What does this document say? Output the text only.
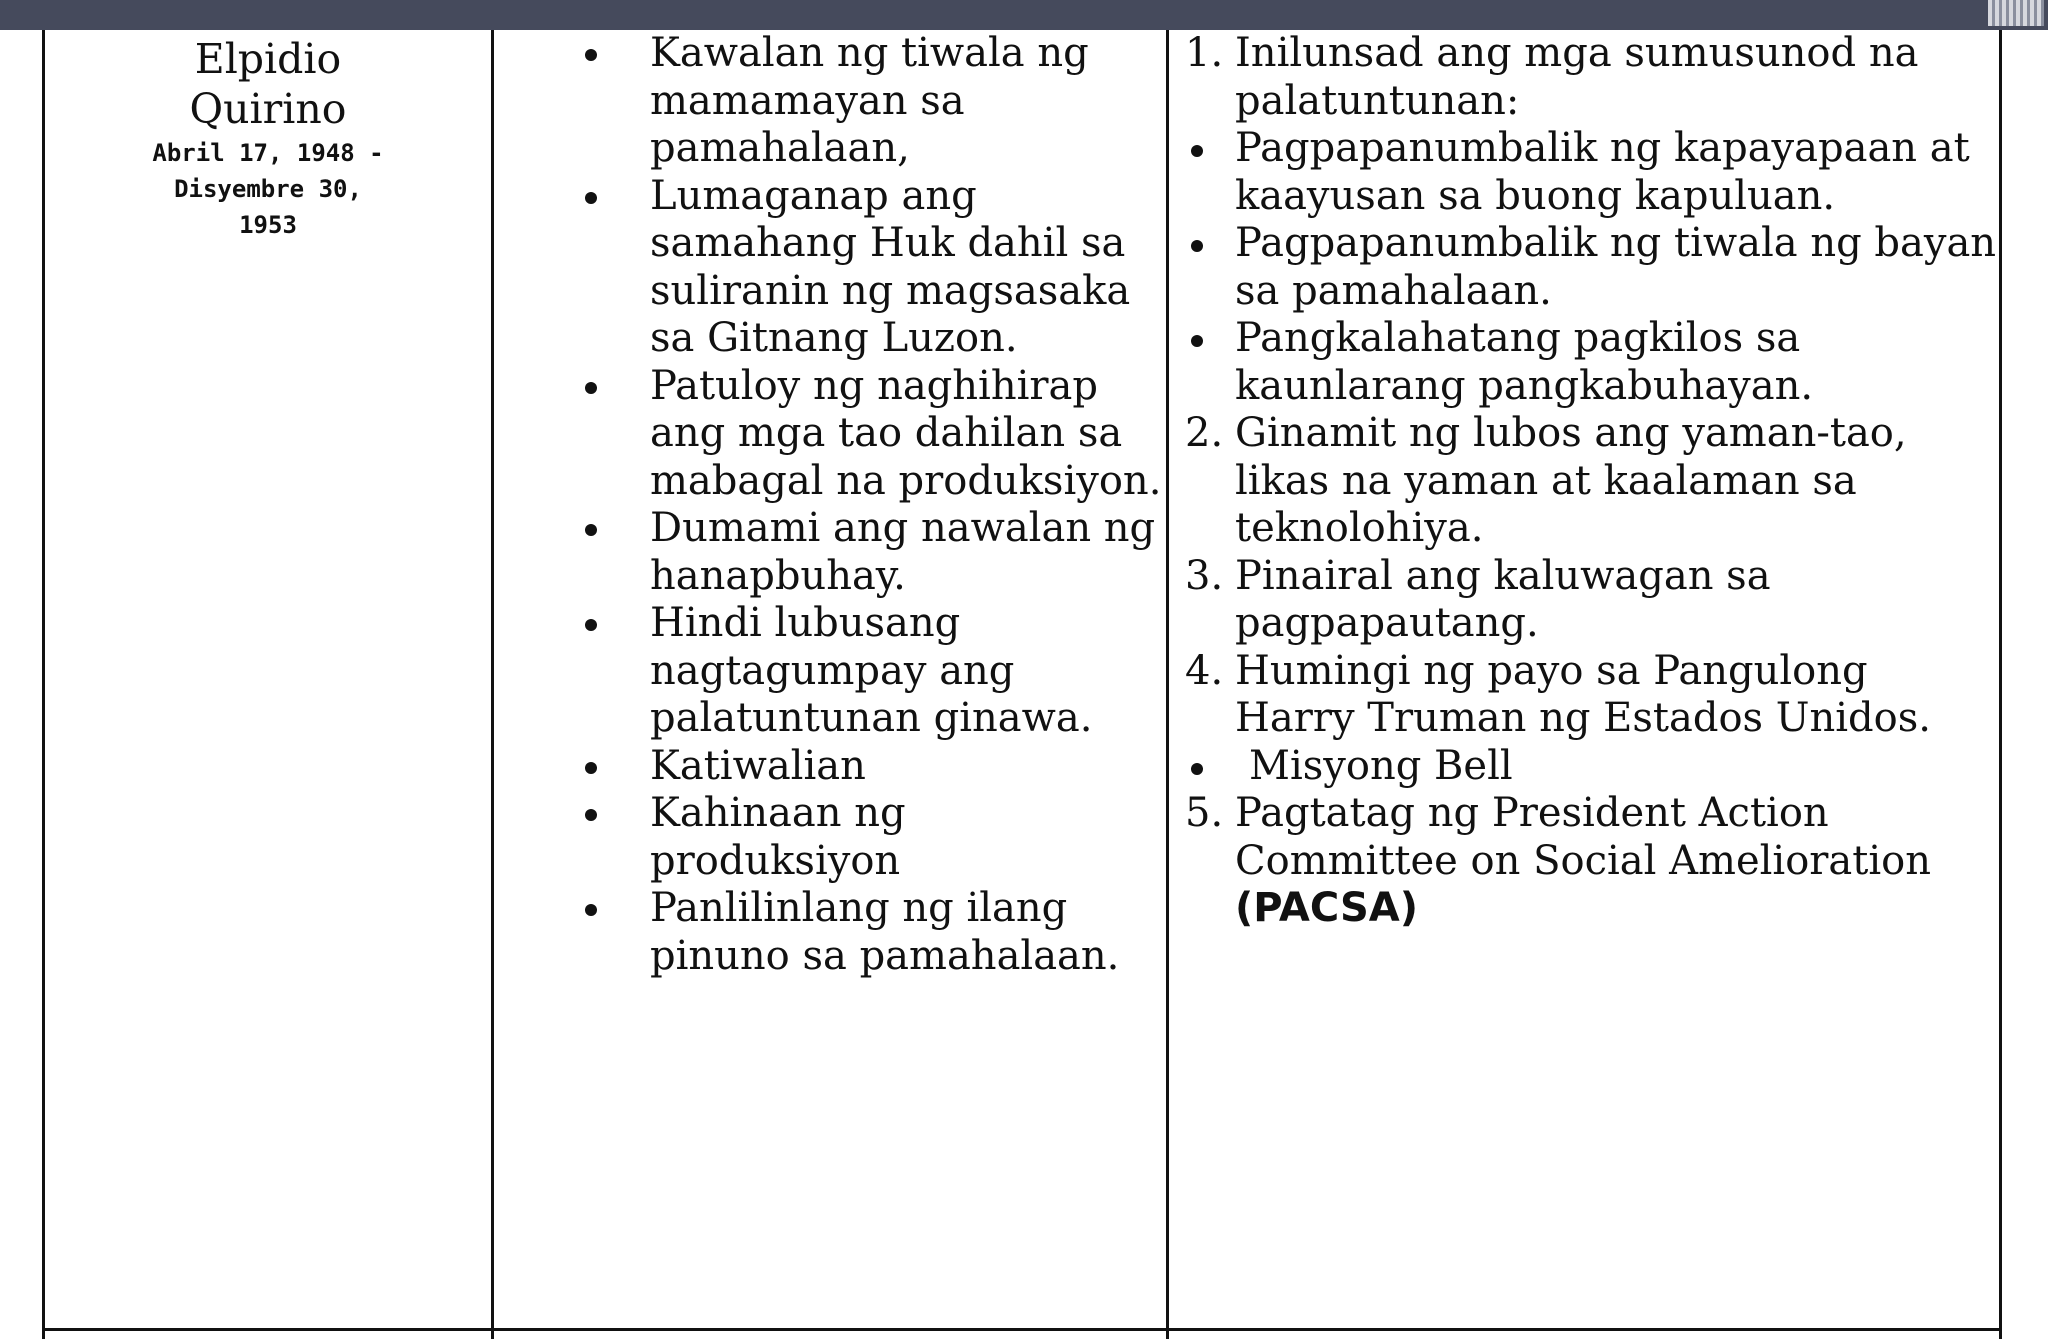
Elpidio
Quirino
Abril 17, 1948 -
Disyembre 30,
1953
Kawalan ng tiwala ng mamamayan sa pamahalaan,
Lumaganap ang samahang Huk dahil sa suliranin ng magsasaka sa Gitnang Luzon.
Patuloy ng naghihirap ang mga tao dahilan sa mabagal na produksiyon.
Dumami ang nawalan ng hanapbuhay.
Hindi lubusang nagtagumpay ang palatuntunan ginawa.
Katiwalian
Kahinaan ng produksiyon
Panlilinlang ng ilang pinuno sa pamahalaan.
1. Inilunsad ang mga sumusunod na palatuntunan:
Pagpapanumbalik ng kapayapaan at kaayusan sa buong kapuluan.
Pagpapanumbalik ng tiwala ng bayan sa pamahalaan.
Pangkalahatang pagkilos sa kaunlarang pangkabuhayan.
2. Ginamit ng lubos ang yaman-tao, likas na yaman at kaalaman sa teknolohiya.
3. Pinairal ang kaluwagan sa pagpapautang.
4. Humingi ng payo sa Pangulong Harry Truman ng Estados Unidos.
Misyong Bell
5. Pagtatag ng President Action Committee on Social Amelioration (PACSA)
